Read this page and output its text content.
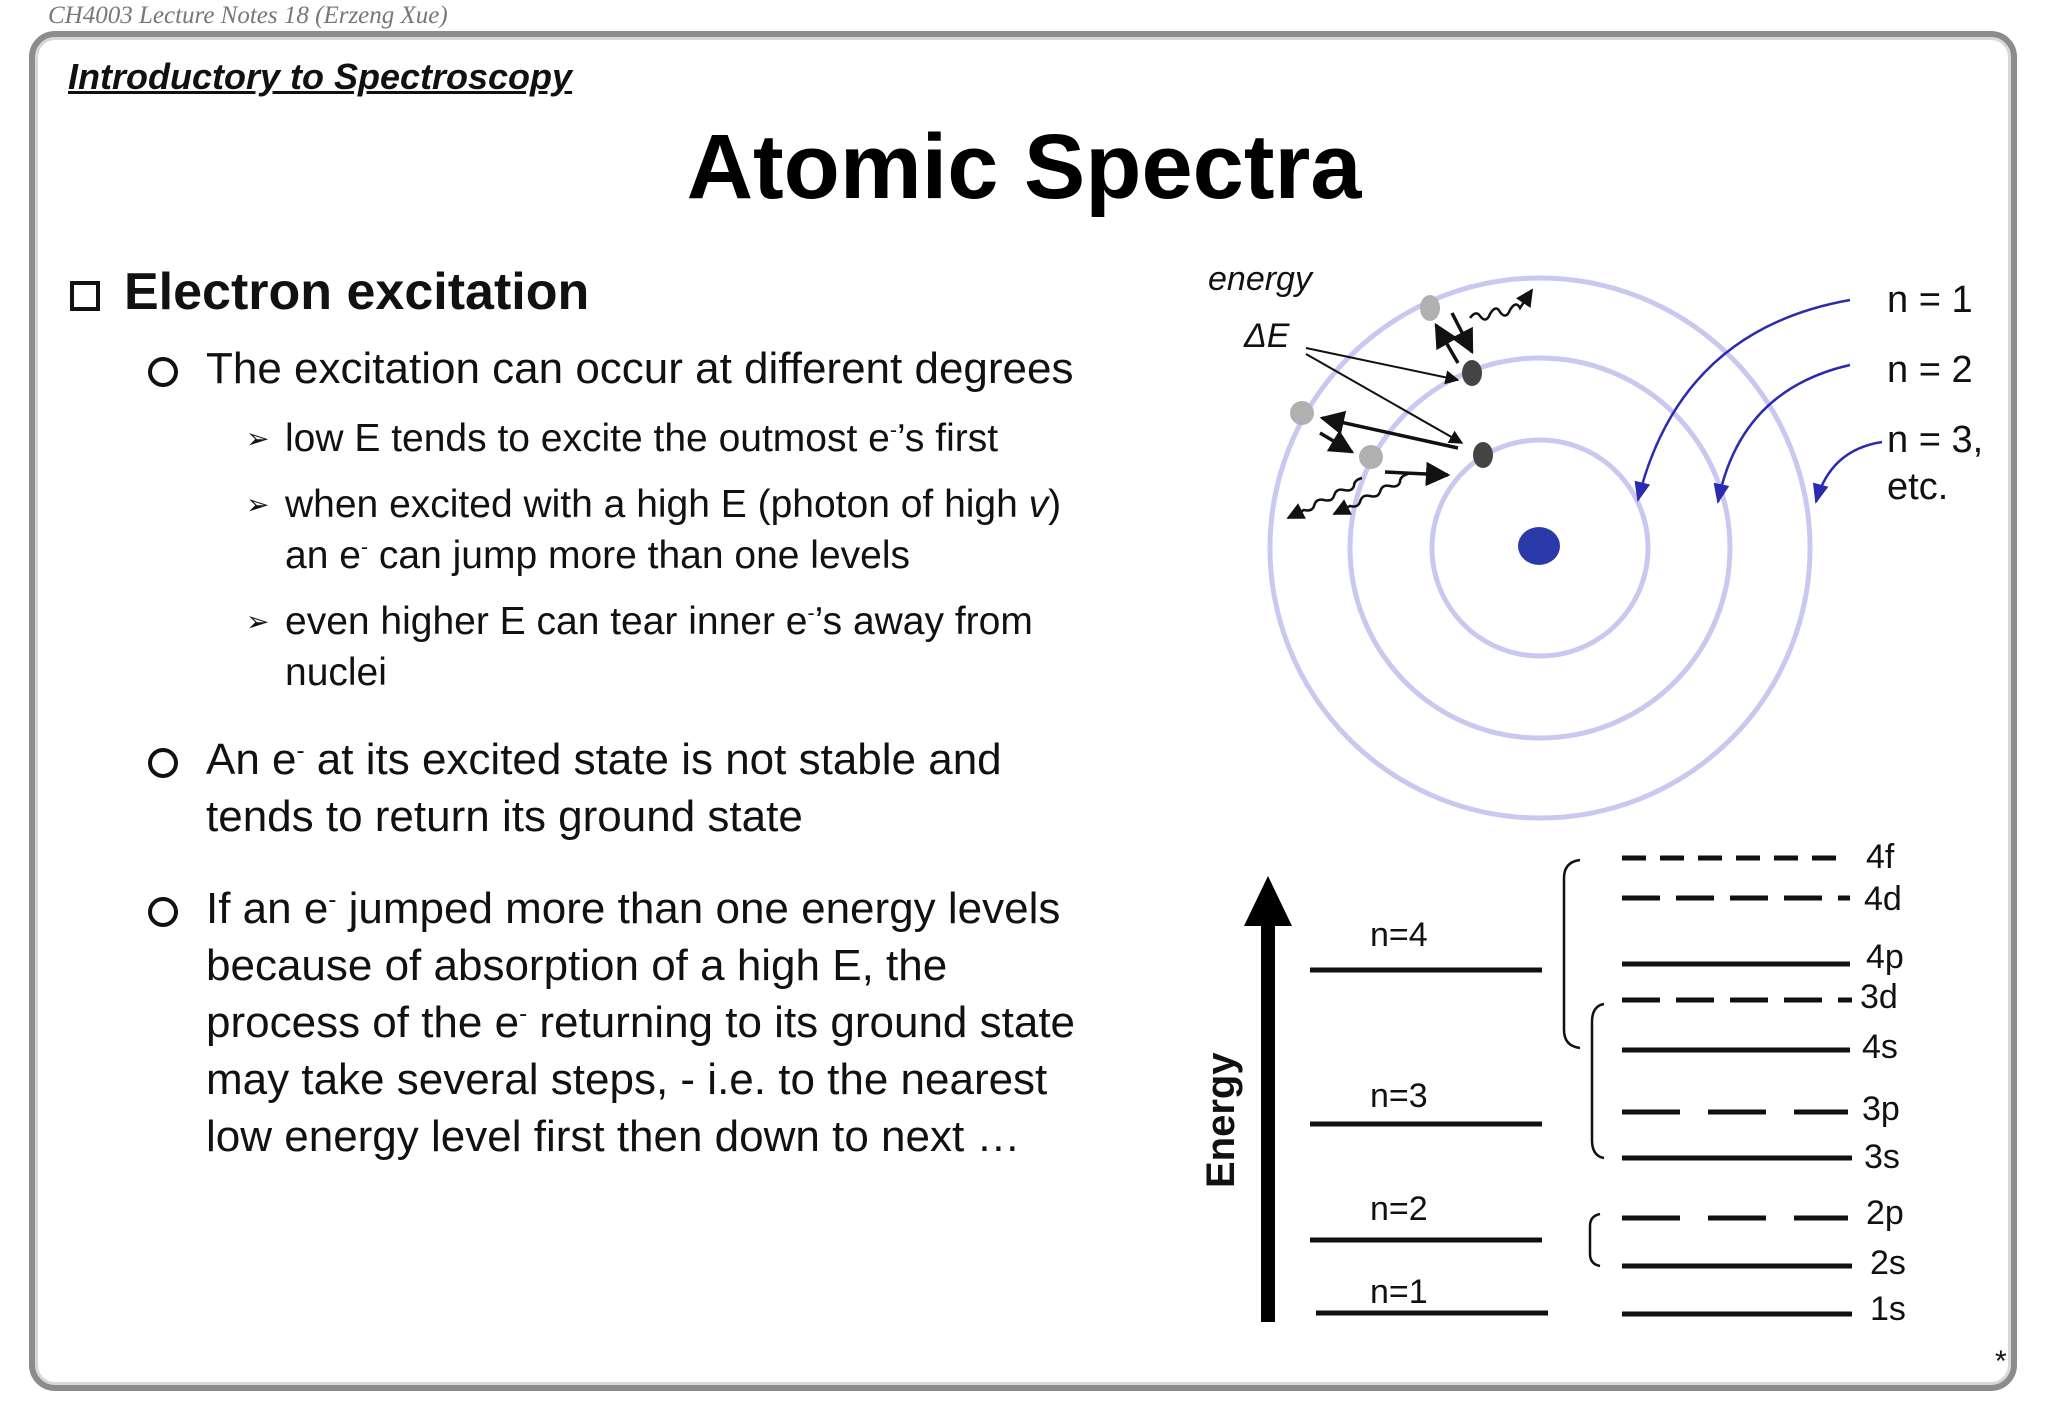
CH4003 Lecture Notes 18 (Erzeng Xue)
Introductory to Spectroscopy
Atomic Spectra
Electron excitation
The excitation can occur at different degrees
➢ low E tends to excite the outmost e-’s first
➢ when excited with a high E (photon of high v)
an e- can jump more than one levels
➢ even higher E can tear inner e-’s away from
nuclei
An e- at its excited state is not stable and
tends to return its ground state
If an e- jumped more than one energy levels
because of absorption of a high E, the
process of the e- returning to its ground state
may take several steps, - i.e. to the nearest
low energy level first then down to next …
energy
ΔE
n = 1
n = 2
n = 3,
etc.
Energy
n=4
n=3
n=2
n=1
4f
4d
4p
3d
4s
3p
3s
2p
2s
1s
*
